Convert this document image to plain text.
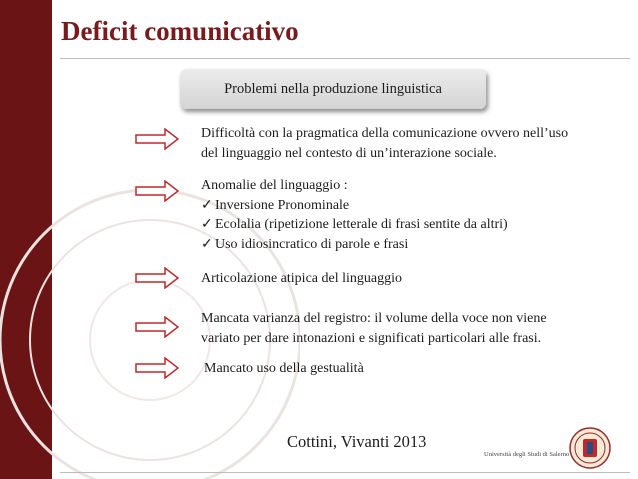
Deficit comunicativo
Problemi nella produzione linguistica
Difficoltà con la pragmatica della comunicazione ovvero nell’uso
del linguaggio nel contesto di un’interazione sociale.
Anomalie del linguaggio :
✓ Inversione Pronominale
✓ Ecolalia (ripetizione letterale di frasi sentite da altri)
✓ Uso idiosincratico di parole e frasi
Articolazione atipica del linguaggio
Mancata varianza del registro: il volume della voce non viene
variato per dare intonazioni e significati particolari alle frasi.
Mancato uso della gestualità
Cottini, Vivanti 2013
Università degli Studi di Salerno
